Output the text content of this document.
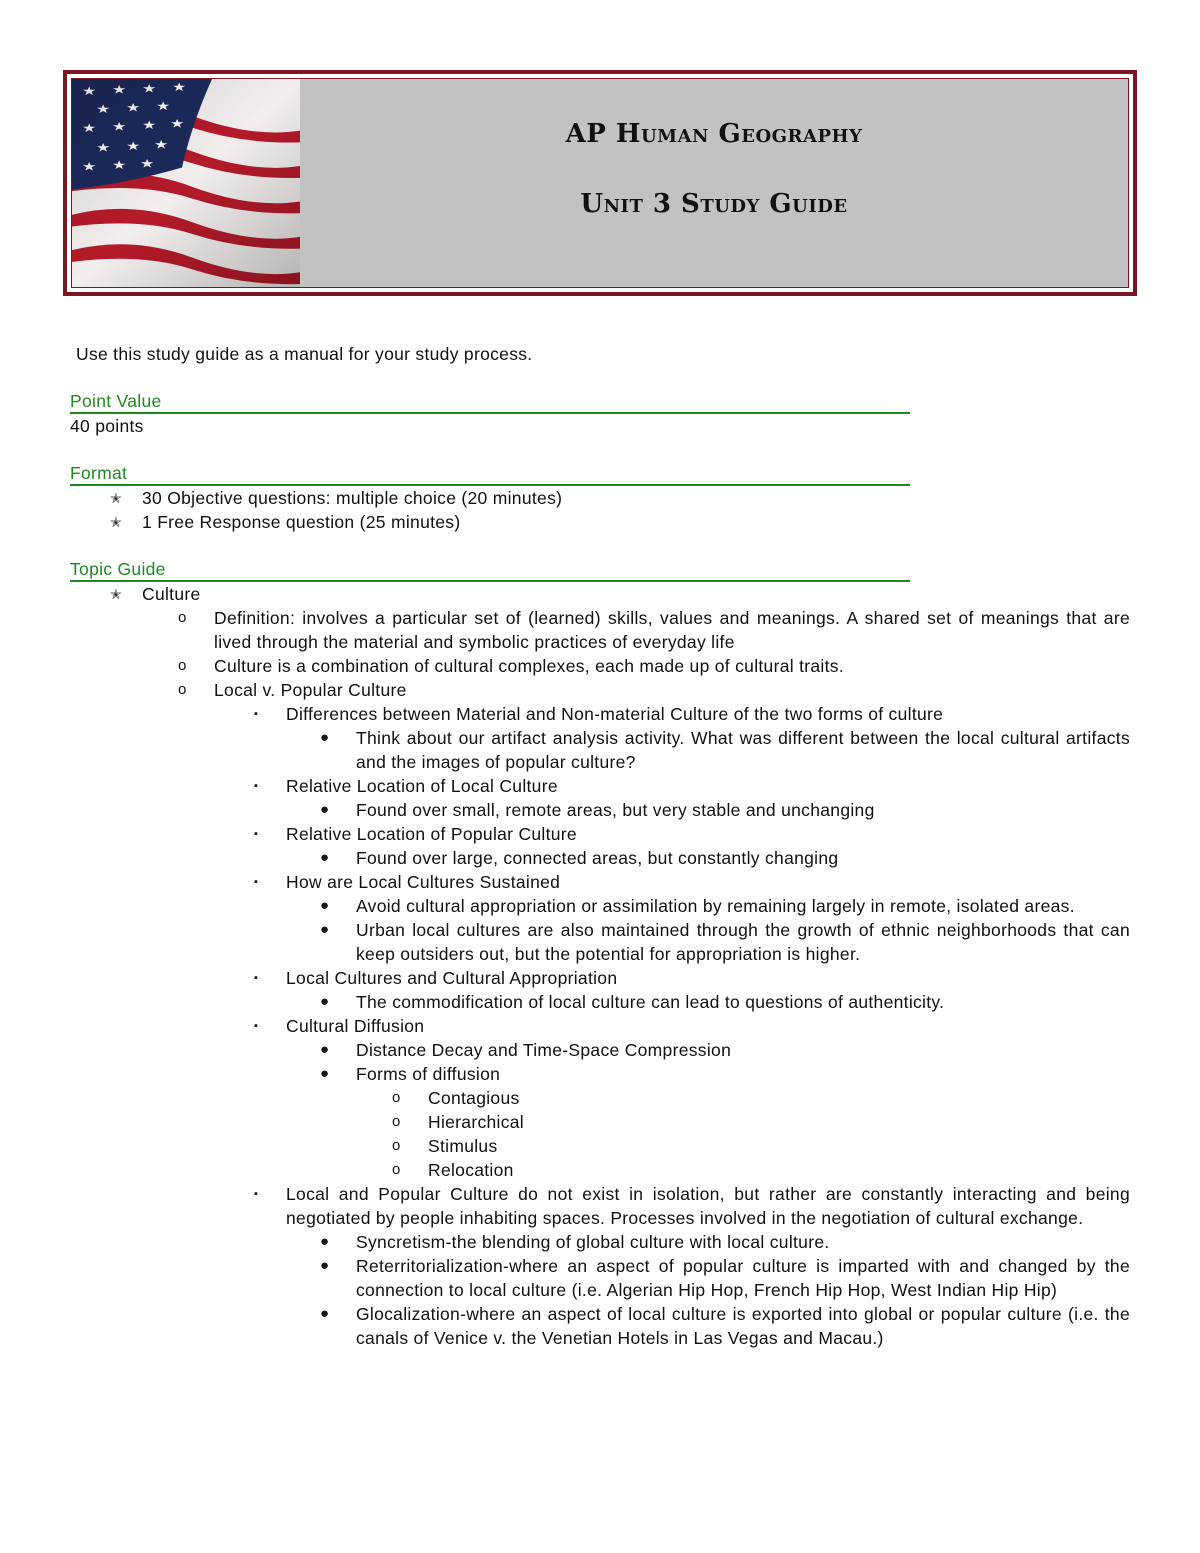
AP Human Geography
Unit 3 Study Guide

Use this study guide as a manual for your study process.

Point Value

40 points

Format

✭ 30 Objective questions: multiple choice (20 minutes)
✭ 1 Free Response question (25 minutes)

Topic Guide

✭ Culture
o Definition: involves a particular set of (learned) skills, values and meanings. A shared set of meanings that are lived through the material and symbolic practices of everyday life
o Culture is a combination of cultural complexes, each made up of cultural traits.
o Local v. Popular Culture
▪ Differences between Material and Non-material Culture of the two forms of culture
● Think about our artifact analysis activity. What was different between the local cultural artifacts and the images of popular culture?
▪ Relative Location of Local Culture
● Found over small, remote areas, but very stable and unchanging
▪ Relative Location of Popular Culture
● Found over large, connected areas, but constantly changing
▪ How are Local Cultures Sustained
● Avoid cultural appropriation or assimilation by remaining largely in remote, isolated areas.
● Urban local cultures are also maintained through the growth of ethnic neighborhoods that can keep outsiders out, but the potential for appropriation is higher.
▪ Local Cultures and Cultural Appropriation
● The commodification of local culture can lead to questions of authenticity.
▪ Cultural Diffusion
● Distance Decay and Time-Space Compression
● Forms of diffusion
o Contagious
o Hierarchical
o Stimulus
o Relocation
▪ Local and Popular Culture do not exist in isolation, but rather are constantly interacting and being negotiated by people inhabiting spaces. Processes involved in the negotiation of cultural exchange.
● Syncretism-the blending of global culture with local culture.
● Reterritorialization-where an aspect of popular culture is imparted with and changed by the connection to local culture (i.e. Algerian Hip Hop, French Hip Hop, West Indian Hip Hip)
● Glocalization-where an aspect of local culture is exported into global or popular culture (i.e. the canals of Venice v. the Venetian Hotels in Las Vegas and Macau.)
